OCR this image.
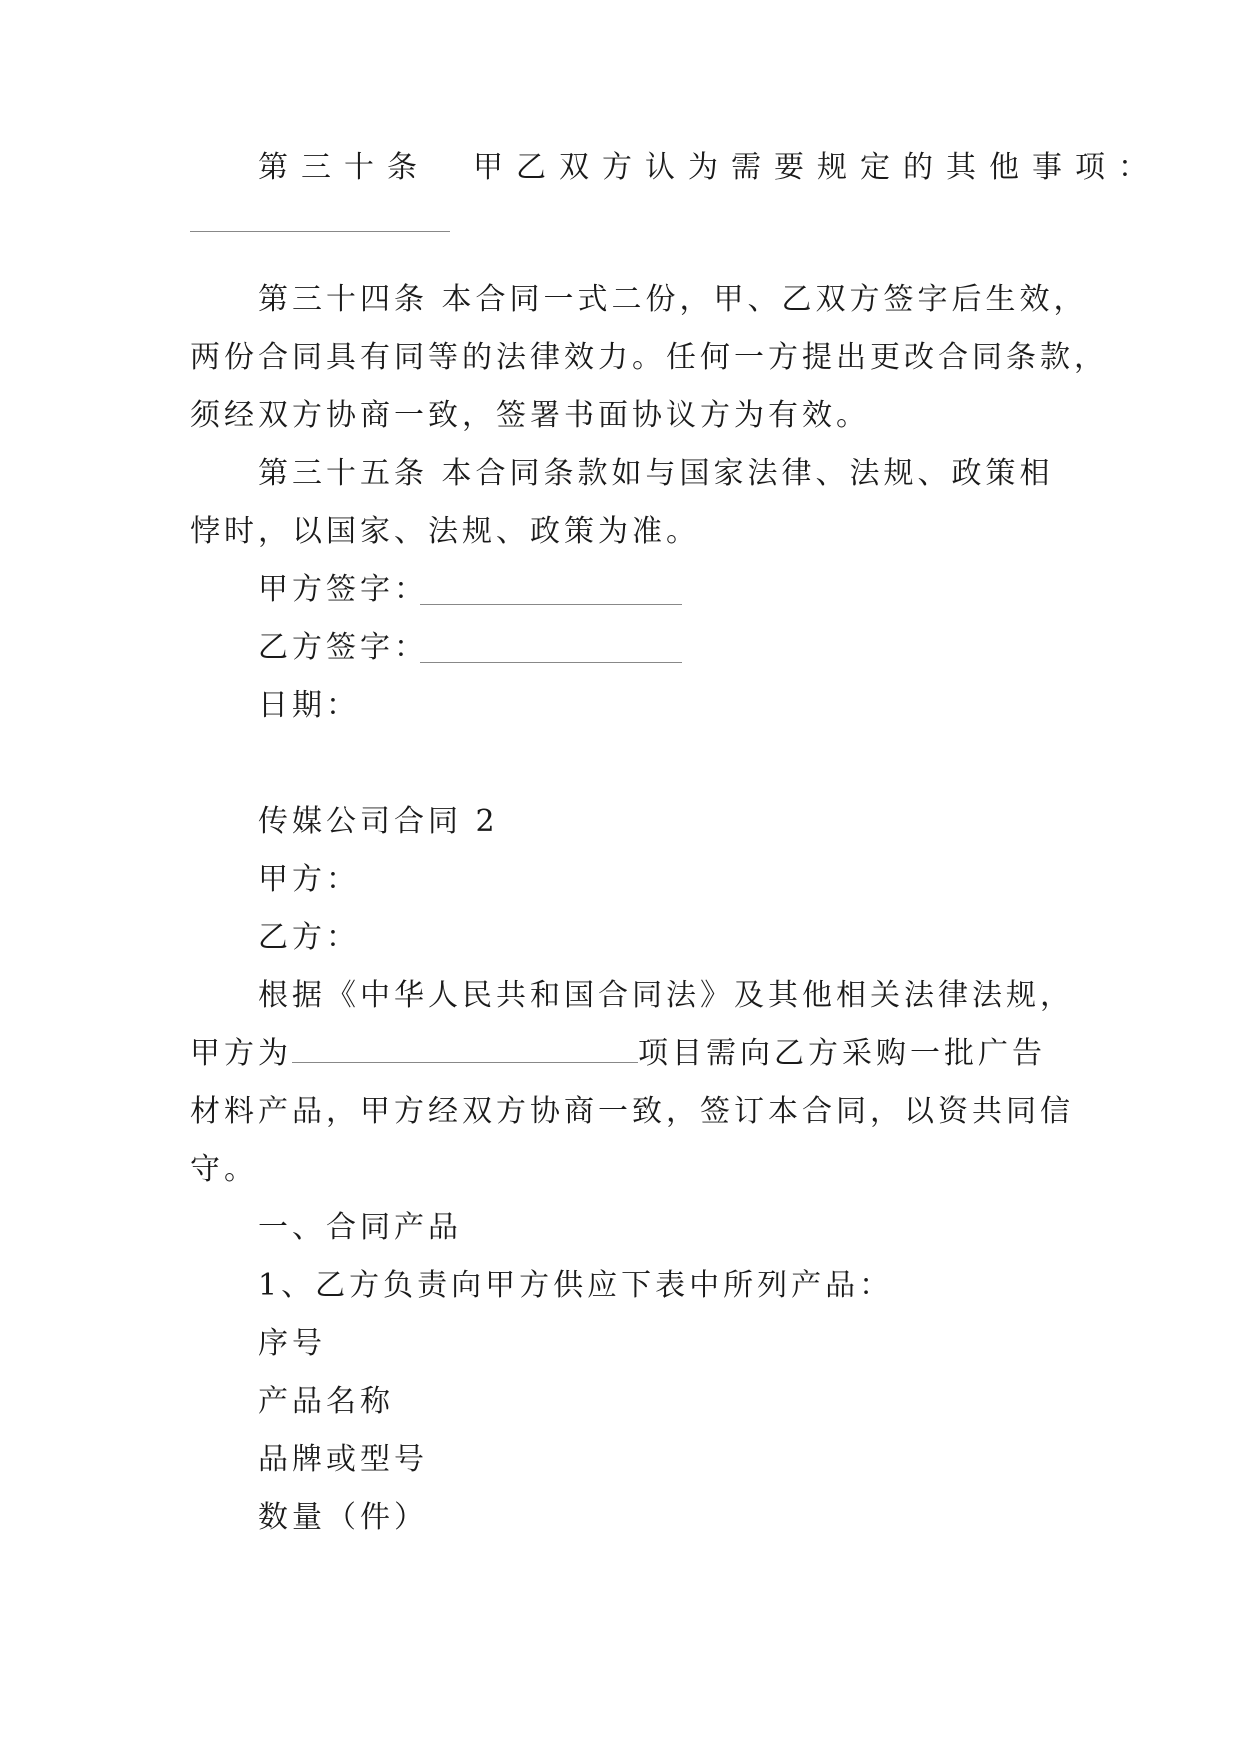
第三十条　甲乙双方认为需要规定的其他事项：
第三十四条 本合同一式二份，甲、乙双方签字后生效，
两份合同具有同等的法律效力。任何一方提出更改合同条款，
须经双方协商一致，签署书面协议方为有效。
第三十五条 本合同条款如与国家法律、法规、政策相
悖时，以国家、法规、政策为准。
甲方签字：
乙方签字：
日期：
传媒公司合同 2
甲方：
乙方：
根据《中华人民共和国合同法》及其他相关法律法规，
甲方为	项目需向乙方采购一批广告
材料产品，甲方经双方协商一致，签订本合同，以资共同信
守。
一、合同产品
1、乙方负责向甲方供应下表中所列产品：
序号
产品名称
品牌或型号
数量（件）
